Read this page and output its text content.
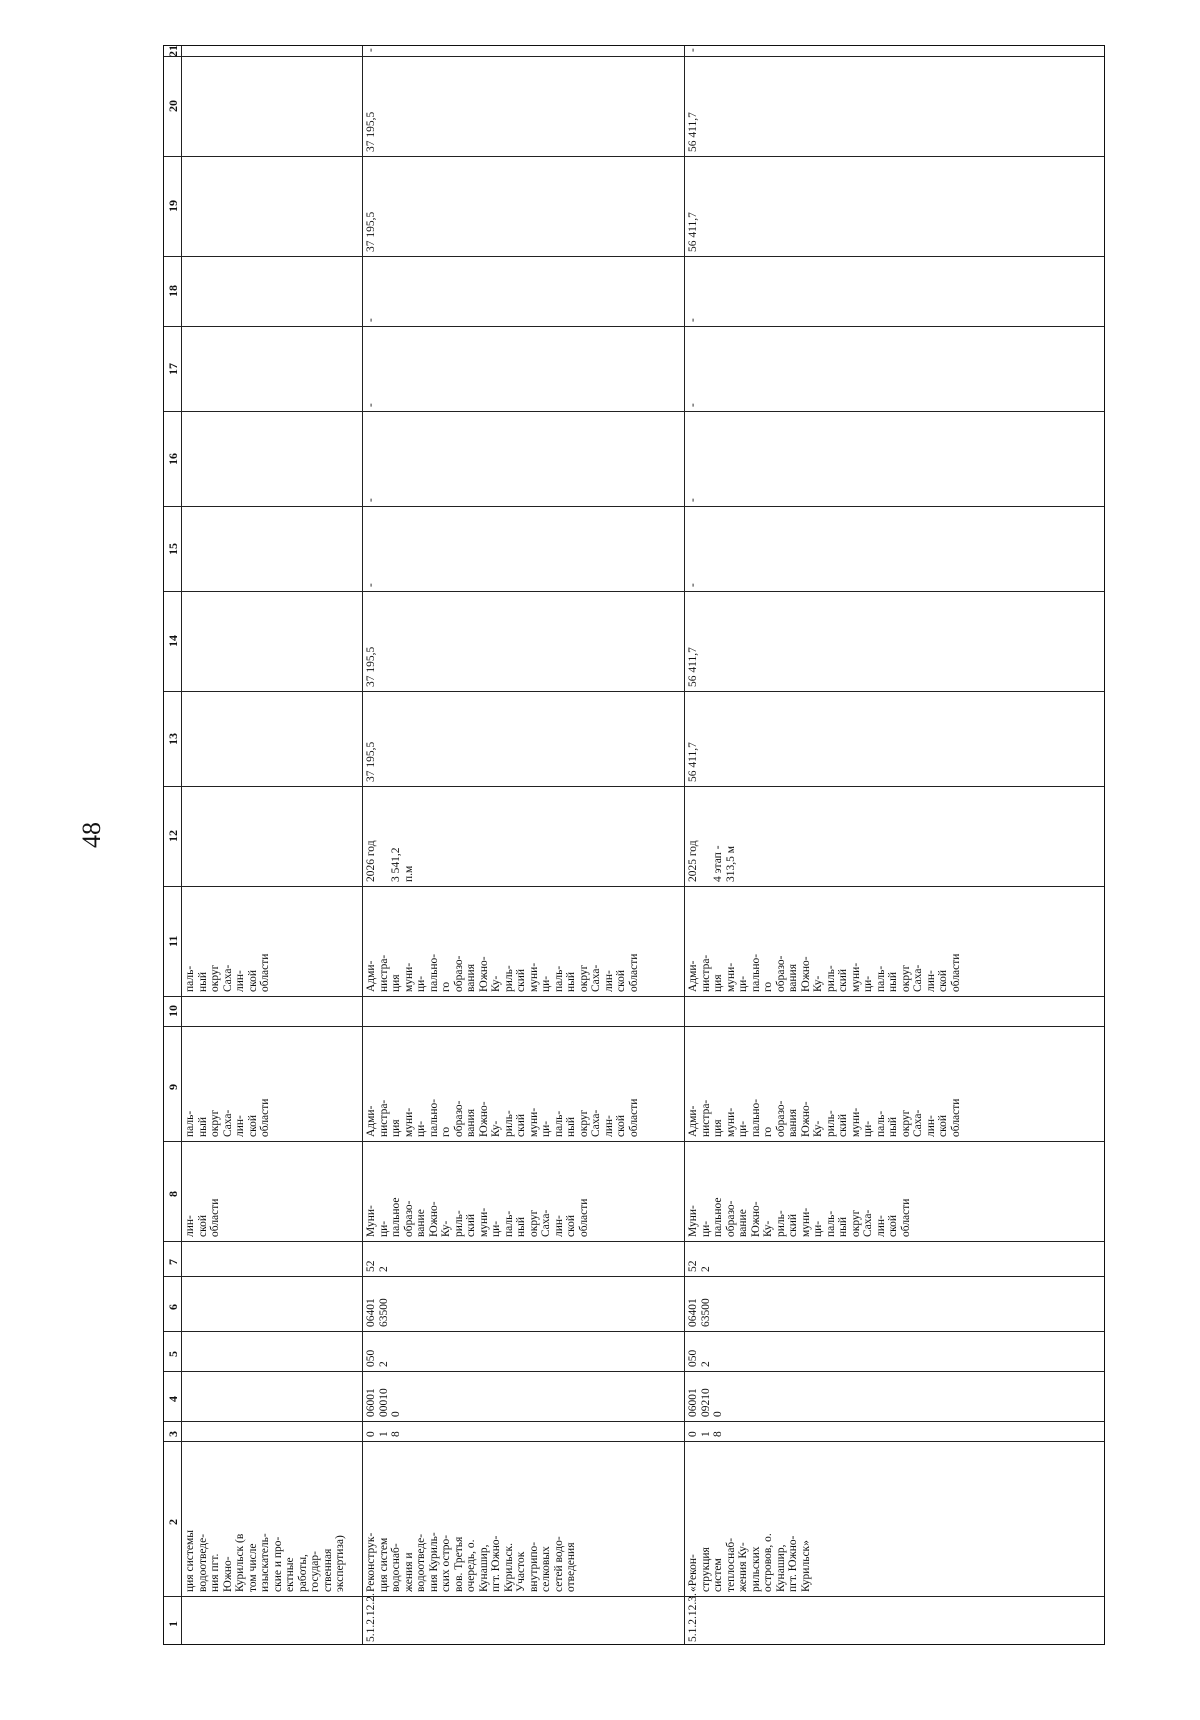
48
1
2
3
4
5
6
7
8
9
10
11
12
13
14
15
16
17
18
19
20
21
ция системы
водоотведе-
ния пгт.
Южно-
Курильск (в
том числе
изыскатель-
ские и про-
ектные
работы,
государ-
ственная
экспертиза)
лин-
ской
области
паль-
ный
округ
Саха-
лин-
ской
области
паль-
ный
округ
Саха-
лин-
ской
области
5.1.2.12.2.
Реконструк-
ция систем
водоснаб-
жения и
водоотведе-
ния Куриль-
ских остро-
вов. Третья
очередь, о.
Кунашир,
пгт. Южно-
Курильск.
Участок
внутрипо-
селковых
сетей водо-
отведения
0
1
8
06001
00010
0
050
2
06401
63500
52
2
Муни-
ци-
пальное
образо-
вание
Южно-
Ку-
риль-
ский
муни-
ци-
паль-
ный
округ
Саха-
лин-
ской
области
Адми-
нистра-
ция
муни-
ци-
пально-
го
образо-
вания
Южно-
Ку-
риль-
ский
муни-
ци-
паль-
ный
округ
Саха-
лин-
ской
области
Адми-
нистра-
ция
муни-
ци-
пально-
го
образо-
вания
Южно-
Ку-
риль-
ский
муни-
ци-
паль-
ный
округ
Саха-
лин-
ской
области
2026 год

3 541,2
п.м
37 195,5
37 195,5
-
-
-
-
37 195,5
37 195,5
-
5.1.2.12.3.
«Рекон-
струкция
систем
теплоснаб-
жения Ку-
рильских
островов, о.
Кунашир,
пгт. Южно-
Курильск»
0
1
8
06001
09210
0
050
2
06401
63500
52
2
Муни-
ци-
пальное
образо-
вание
Южно-
Ку-
риль-
ский
муни-
ци-
паль-
ный
округ
Саха-
лин-
ской
области
Адми-
нистра-
ция
муни-
ци-
пально-
го
образо-
вания
Южно-
Ку-
риль-
ский
муни-
ци-
паль-
ный
округ
Саха-
лин-
ской
области
Адми-
нистра-
ция
муни-
ци-
пально-
го
образо-
вания
Южно-
Ку-
риль-
ский
муни-
ци-
паль-
ный
округ
Саха-
лин-
ской
области
2025 год

4 этап -
313,5 м
56 411,7
56 411,7
-
-
-
-
56 411,7
56 411,7
-
